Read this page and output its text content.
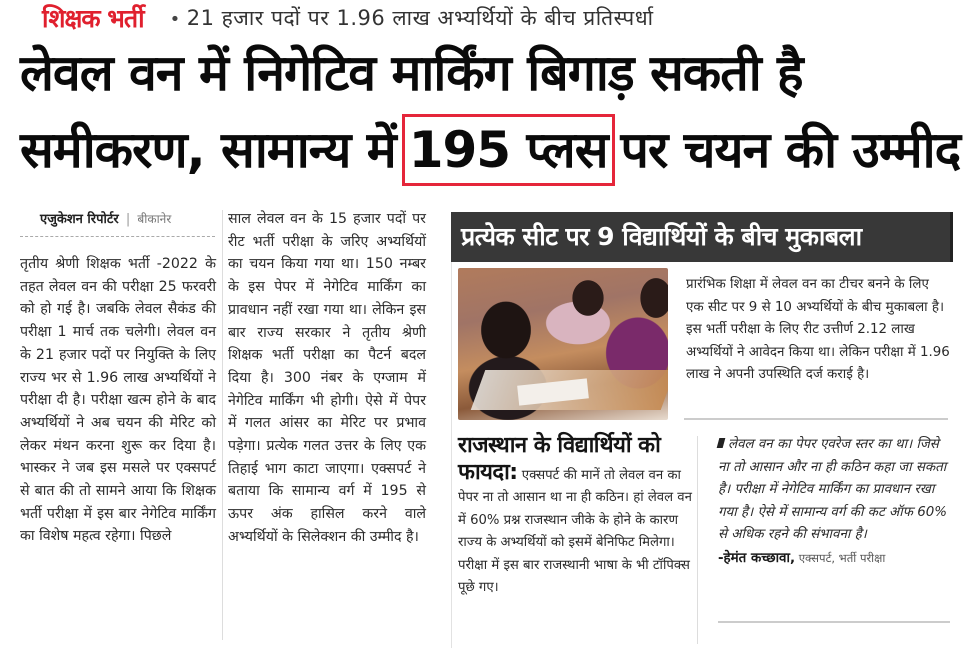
शिक्षक भर्ती • 21 हजार पदों पर 1.96 लाख अभ्यर्थियों के बीच प्रतिस्पर्धा
लेवल वन में निगेटिव मार्किंग बिगाड़ सकती है
समीकरण, सामान्य में 195 प्लस पर चयन की उम्मीद
एजुकेशन रिपोर्टर | बीकानेर
तृतीय श्रेणी शिक्षक भर्ती -2022 के तहत लेवल वन की परीक्षा 25 फरवरी को हो गई है। जबकि लेवल सैकंड की परीक्षा 1 मार्च तक चलेगी। लेवल वन के 21 हजार पदों पर नियुक्ति के लिए राज्य भर से 1.96 लाख अभ्यर्थियों ने परीक्षा दी है। परीक्षा खत्म होने के बाद अभ्यर्थियों ने अब चयन की मेरिट को लेकर मंथन करना शुरू कर दिया है। भास्कर ने जब इस मसले पर एक्सपर्ट से बात की तो सामने आया कि शिक्षक भर्ती परीक्षा में इस बार नेगेटिव मार्किंग का विशेष महत्व रहेगा। पिछले
साल लेवल वन के 15 हजार पदों पर रीट भर्ती परीक्षा के जरिए अभ्यर्थियों का चयन किया गया था। 150 नम्बर के इस पेपर में नेगेटिव मार्किंग का प्रावधान नहीं रखा गया था। लेकिन इस बार राज्य सरकार ने तृतीय श्रेणी शिक्षक भर्ती परीक्षा का पैटर्न बदल दिया है। 300 नंबर के एग्जाम में नेगेटिव मार्किंग भी होगी। ऐसे में पेपर में गलत आंसर का मेरिट पर प्रभाव पड़ेगा। प्रत्येक गलत उत्तर के लिए एक तिहाई भाग काटा जाएगा। एक्सपर्ट ने बताया कि सामान्य वर्ग में 195 से ऊपर अंक हासिल करने वाले अभ्यर्थियों के सिलेक्शन की उम्मीद है।
प्रत्येक सीट पर 9 विद्यार्थियों के बीच मुकाबला
प्रारंभिक शिक्षा में लेवल वन का टीचर बनने के लिए एक सीट पर 9 से 10 अभ्यर्थियों के बीच मुकाबला है। इस भर्ती परीक्षा के लिए रीट उत्तीर्ण 2.12 लाख अभ्यर्थियों ने आवेदन किया था। लेकिन परीक्षा में 1.96 लाख ने अपनी उपस्थिति दर्ज कराई है।
राजस्थान के विद्यार्थियों को
फायदा: एक्सपर्ट की मानें तो लेवल वन का पेपर ना तो आसान था ना ही कठिन। हां लेवल वन में 60% प्रश्न राजस्थान जीके के होने के कारण राज्य के अभ्यर्थियों को इसमें बेनिफिट मिलेगा। परीक्षा में इस बार राजस्थानी भाषा के भी टॉपिक्स पूछे गए।
लेवल वन का पेपर एवरेज स्तर का था। जिसे ना तो आसान और ना ही कठिन कहा जा सकता है। परीक्षा में नेगेटिव मार्किंग का प्रावधान रखा गया है। ऐसे में सामान्य वर्ग की कट ऑफ 60% से अधिक रहने की संभावना है।
-हेमंत कच्छावा, एक्सपर्ट, भर्ती परीक्षा
